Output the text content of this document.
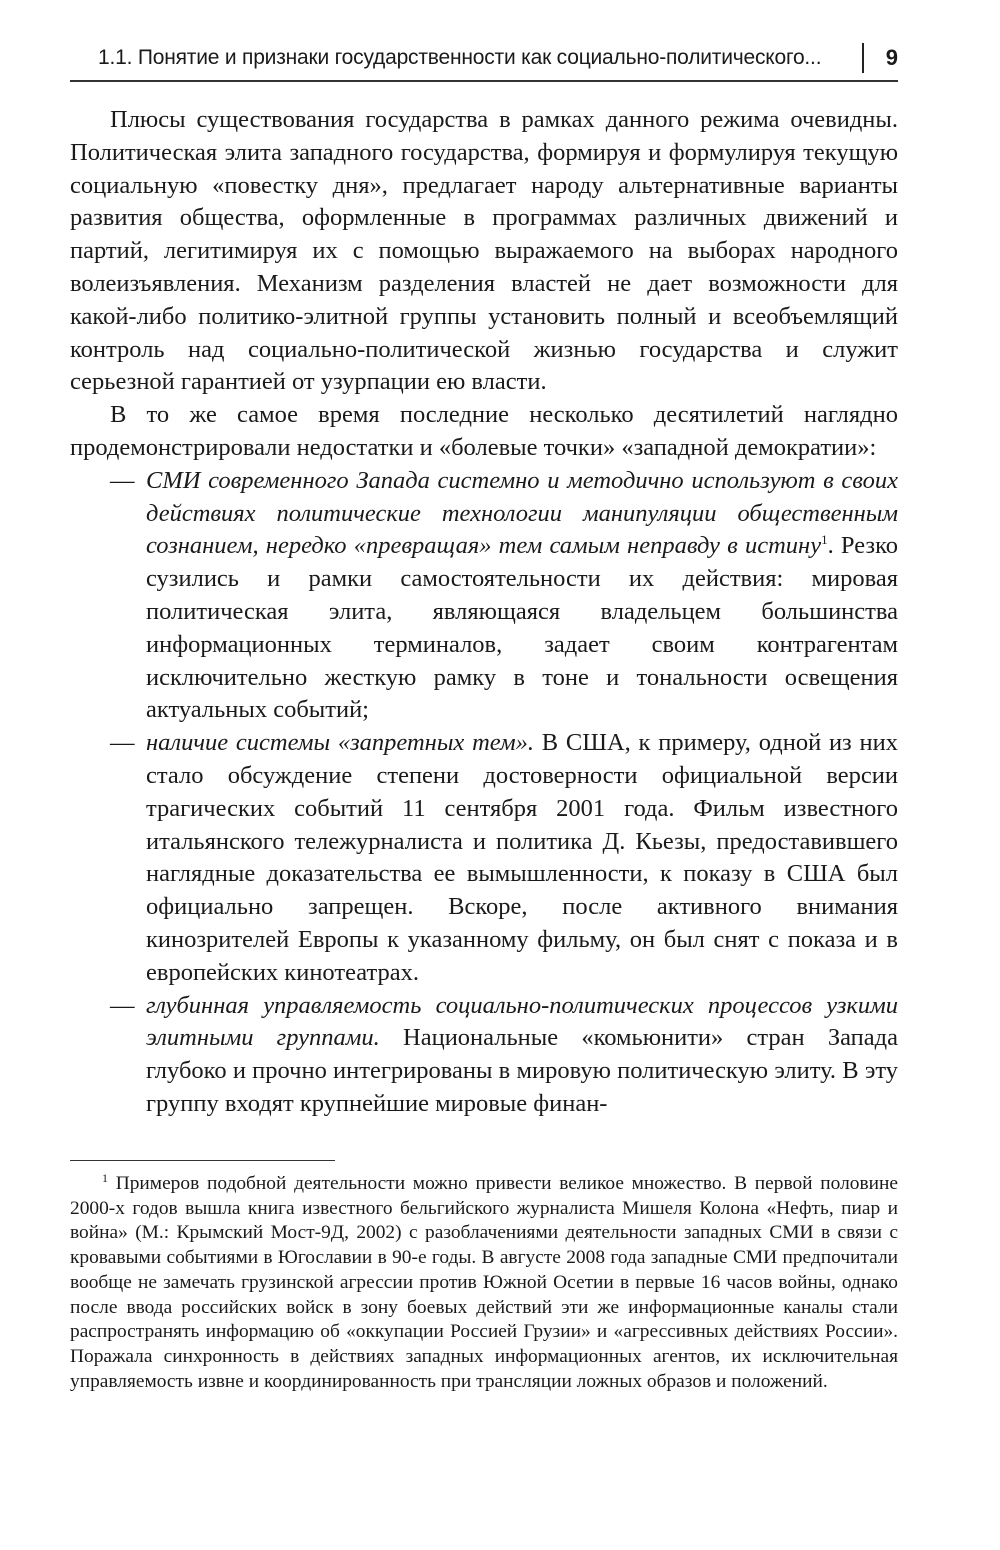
1.1. Понятие и признаки государственности как социально-политического...	9

Плюсы существования государства в рамках данного режима очевидны. Политическая элита западного государства, формируя и формулируя текущую социальную «повестку дня», предлагает народу альтернативные варианты развития общества, оформленные в программах различных движений и партий, легитимируя их с помощью выражаемого на выборах народного волеизъявления. Механизм разделения властей не дает возможности для какой-либо политико-элитной группы установить полный и всеобъемлящий контроль над социально-политической жизнью государства и служит серьезной гарантией от узурпации ею власти.

В то же самое время последние несколько десятилетий наглядно продемонстрировали недостатки и «болевые точки» «западной демократии»:

— СМИ современного Запада системно и методично используют в своих действиях политические технологии манипуляции общественным сознанием, нередко «превращая» тем самым неправду в истину$^1$. Резко сузились и рамки самостоятельности их действия: мировая политическая элита, являющаяся владельцем большинства информационных терминалов, задает своим контрагентам исключительно жесткую рамку в тоне и тональности освещения актуальных событий;
— наличие системы «запретных тем». В США, к примеру, одной из них стало обсуждение степени достоверности официальной версии трагических событий 11 сентября 2001 года. Фильм известного итальянского тележурналиста и политика Д. Кьезы, предоставившего наглядные доказательства ее вымышленности, к показу в США был официально запрещен. Вскоре, после активного внимания кинозрителей Европы к указанному фильму, он был снят с показа и в европейских кинотеатрах.
— глубинная управляемость социально-политических процессов узкими элитными группами. Национальные «комьюнити» стран Запада глубоко и прочно интегрированы в мировую политическую элиту. В эту группу входят крупнейшие мировые финан-

$^1$ Примеров подобной деятельности можно привести великое множество. В первой половине 2000-х годов вышла книга известного бельгийского журналиста Мишеля Колона «Нефть, пиар и война» (М.: Крымский Мост-9Д, 2002) с разоблачениями деятельности западных СМИ в связи с кровавыми событиями в Югославии в 90-е годы. В августе 2008 года западные СМИ предпочитали вообще не замечать грузинской агрессии против Южной Осетии в первые 16 часов войны, однако после ввода российских войск в зону боевых действий эти же информационные каналы стали распространять информацию об «оккупации Россией Грузии» и «агрессивных действиях России». Поражала синхронность в действиях западных информационных агентов, их исключительная управляемость извне и координированность при трансляции ложных образов и положений.
